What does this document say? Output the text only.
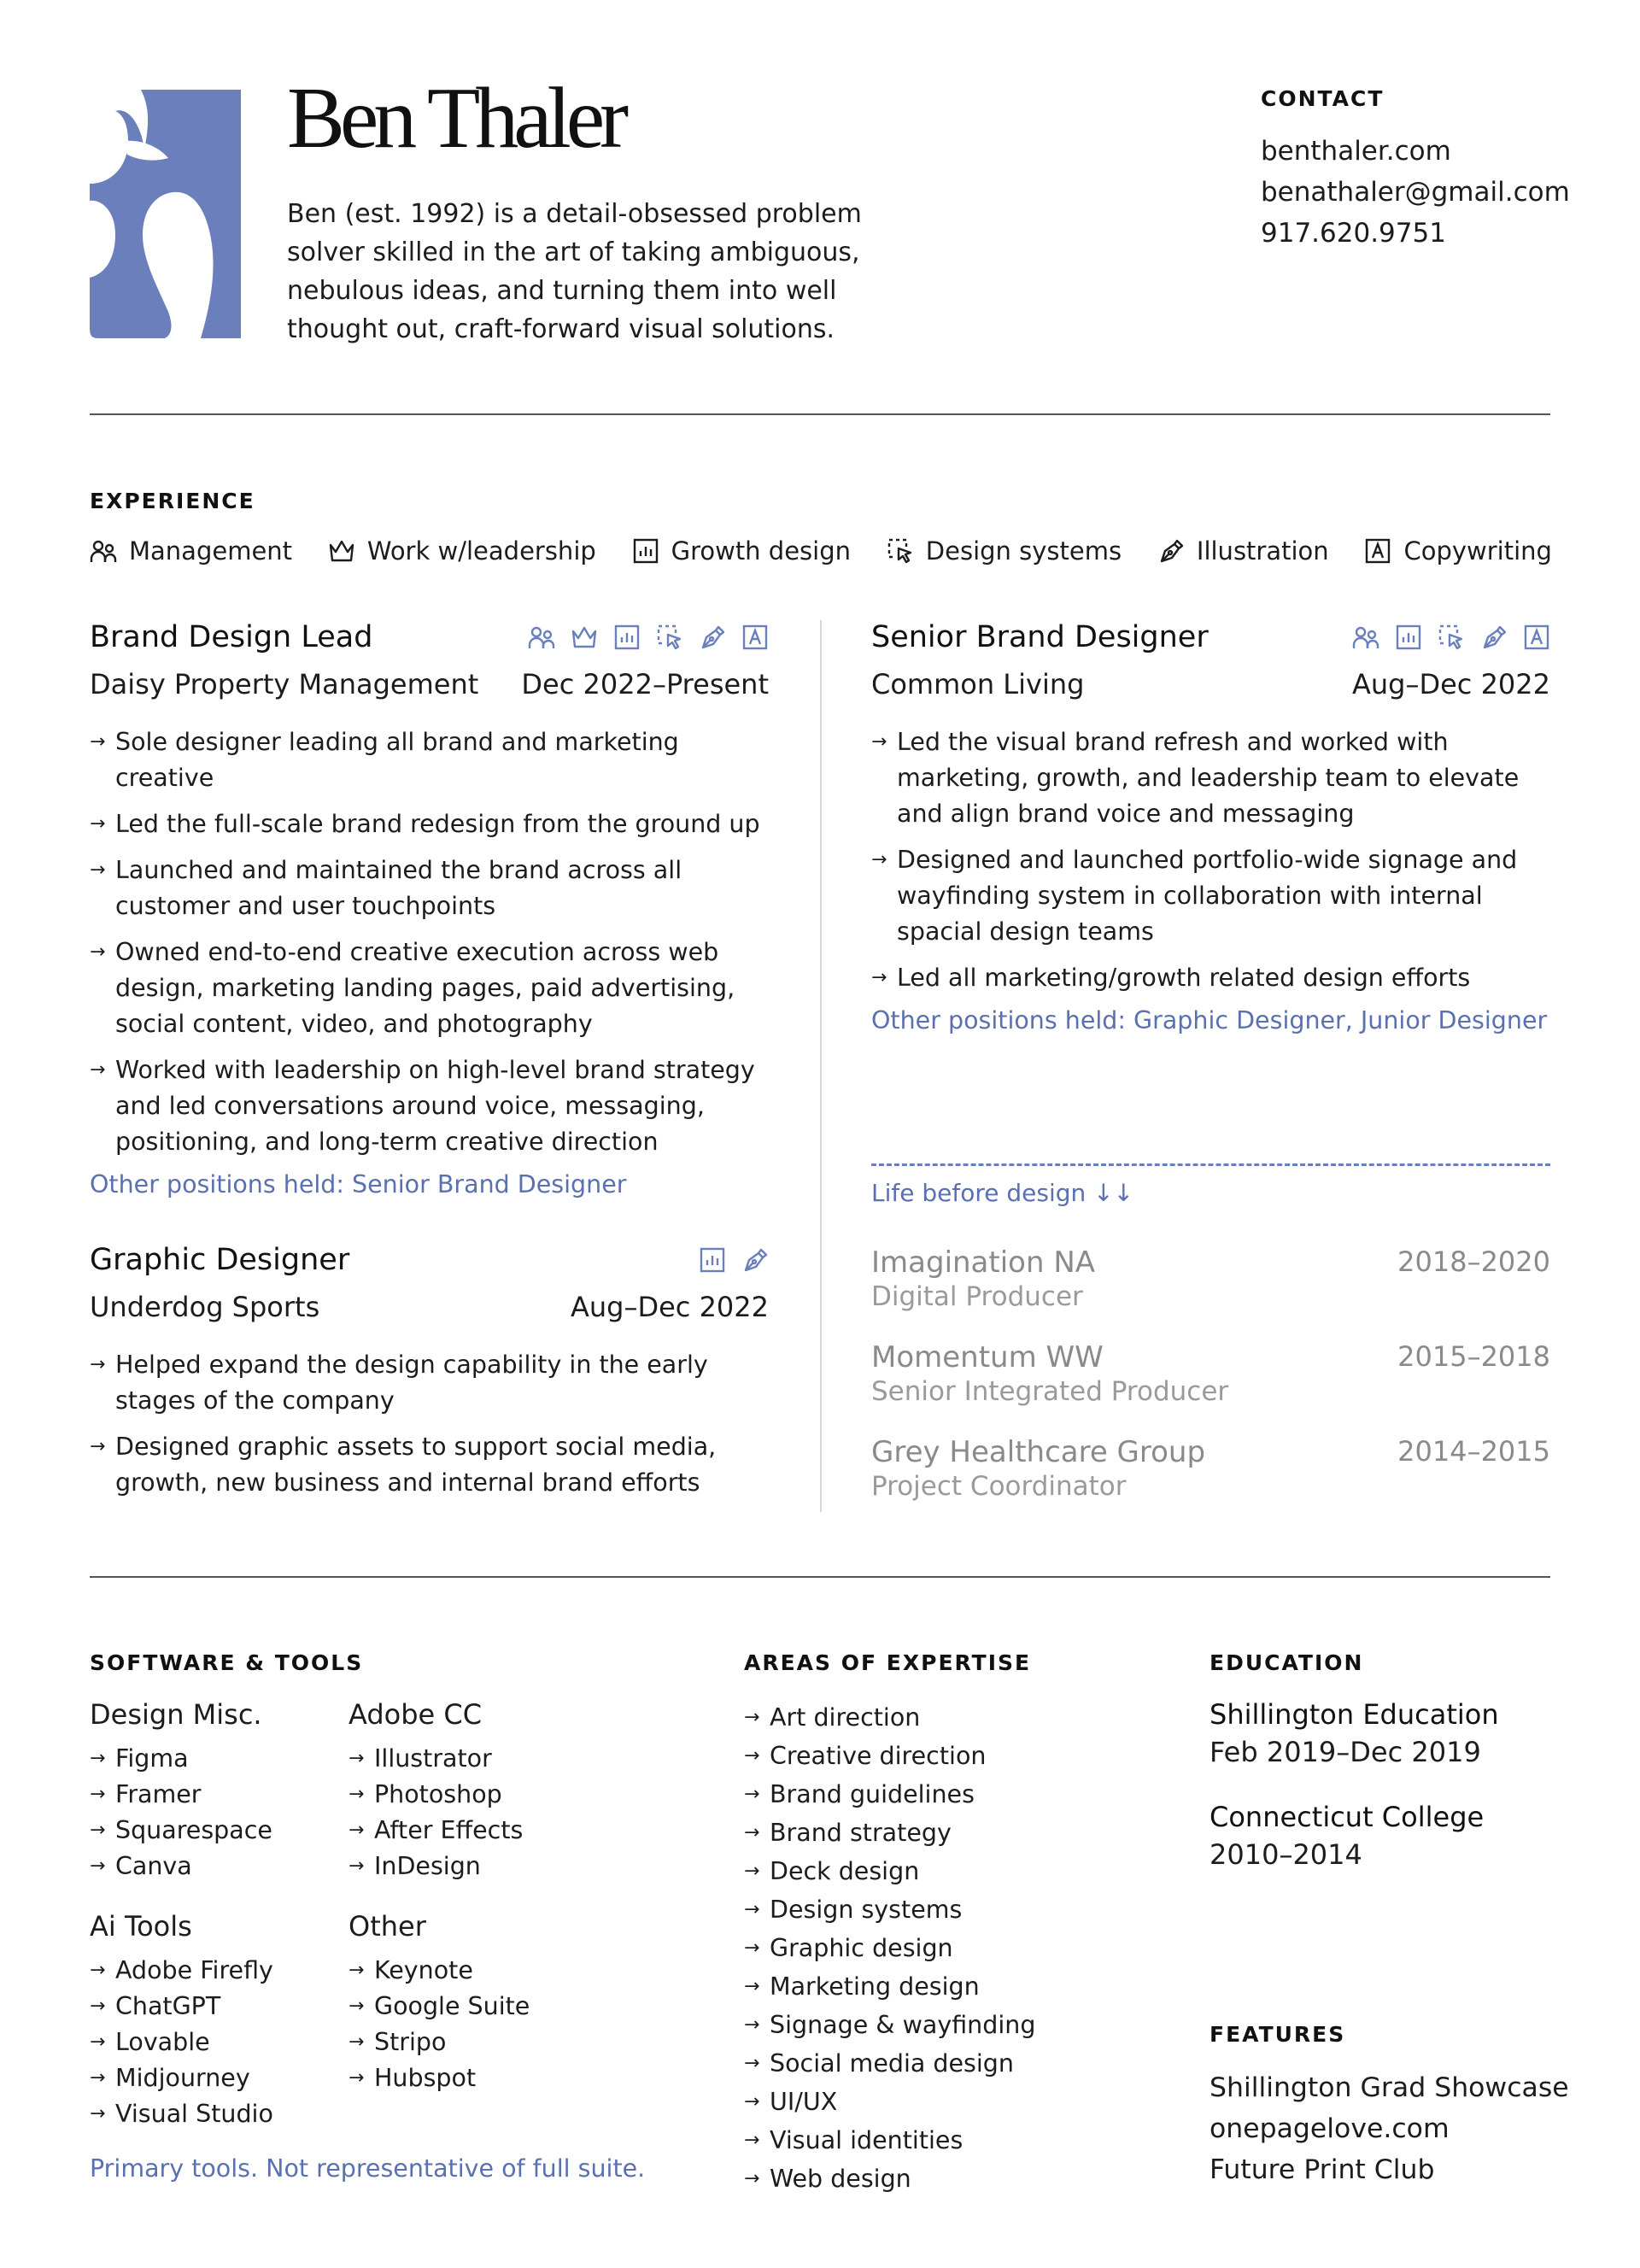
Ben Thaler
Ben (est. 1992) is a detail-obsessed problem solver skilled in the art of taking ambiguous, nebulous ideas, and turning them into well thought out, craft-forward visual solutions.
CONTACT
benthaler.com
benathaler@gmail.com
917.620.9751
EXPERIENCE
Management	Work w/leadership	Growth design	Design systems	Illustration	Copywriting
Brand Design Lead
Daisy Property Management Dec 2022–Present
→ Sole designer leading all brand and marketing creative
→ Led the full-scale brand redesign from the ground up
→ Launched and maintained the brand across all customer and user touchpoints
→ Owned end-to-end creative execution across web design, marketing landing pages, paid advertising, social content, video, and photography
→ Worked with leadership on high-level brand strategy and led conversations around voice, messaging, positioning, and long-term creative direction
Other positions held: Senior Brand Designer
Graphic Designer
Underdog Sports	Aug–Dec 2022
→ Helped expand the design capability in the early stages of the company
→ Designed graphic assets to support social media, growth, new business and internal brand efforts
Senior Brand Designer
Common Living	Aug–Dec 2022
→ Led the visual brand refresh and worked with marketing, growth, and leadership team to elevate and align brand voice and messaging
→ Designed and launched portfolio-wide signage and wayfinding system in collaboration with internal spacial design teams
→ Led all marketing/growth related design efforts
Other positions held: Graphic Designer, Junior Designer
Life before design ↓↓
Imagination NA	2018–2020
Digital Producer
Momentum WW	2015–2018
Senior Integrated Producer
Grey Healthcare Group	2014–2015
Project Coordinator
SOFTWARE & TOOLS
Design Misc.
→ Figma
→ Framer
→ Squarespace
→ Canva
Adobe CC
→ Illustrator
→ Photoshop
→ After Effects
→ InDesign
Ai Tools
→ Adobe Firefly
→ ChatGPT
→ Lovable
→ Midjourney
→ Visual Studio
Other
→ Keynote
→ Google Suite
→ Stripo
→ Hubspot
Primary tools. Not representative of full suite.
AREAS OF EXPERTISE
→ Art direction
→ Creative direction
→ Brand guidelines
→ Brand strategy
→ Deck design
→ Design systems
→ Graphic design
→ Marketing design
→ Signage & wayfinding
→ Social media design
→ UI/UX
→ Visual identities
→ Web design
EDUCATION
Shillington Education
Feb 2019–Dec 2019
Connecticut College
2010–2014
FEATURES
Shillington Grad Showcase
onepagelove.com
Future Print Club
